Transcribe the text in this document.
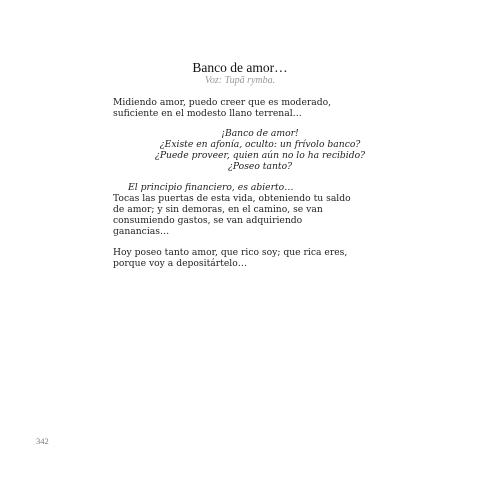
Banco de amor…
Voz: Tupã rymba.
Midiendo amor, puedo creer que es moderado,
suficiente en el modesto llano terrenal…
¡Banco de amor!
¿Existe en afonía, oculto: un frívolo banco?
¿Puede proveer, quien aún no lo ha recibido?
¿Poseo tanto?
El principio financiero, es abierto…
Tocas las puertas de esta vida, obteniendo tu saldo
de amor; y sin demoras, en el camino, se van
consumiendo gastos, se van adquiriendo
ganancias…
Hoy poseo tanto amor, que rico soy; que rica eres,
porque voy a depositártelo…
342
